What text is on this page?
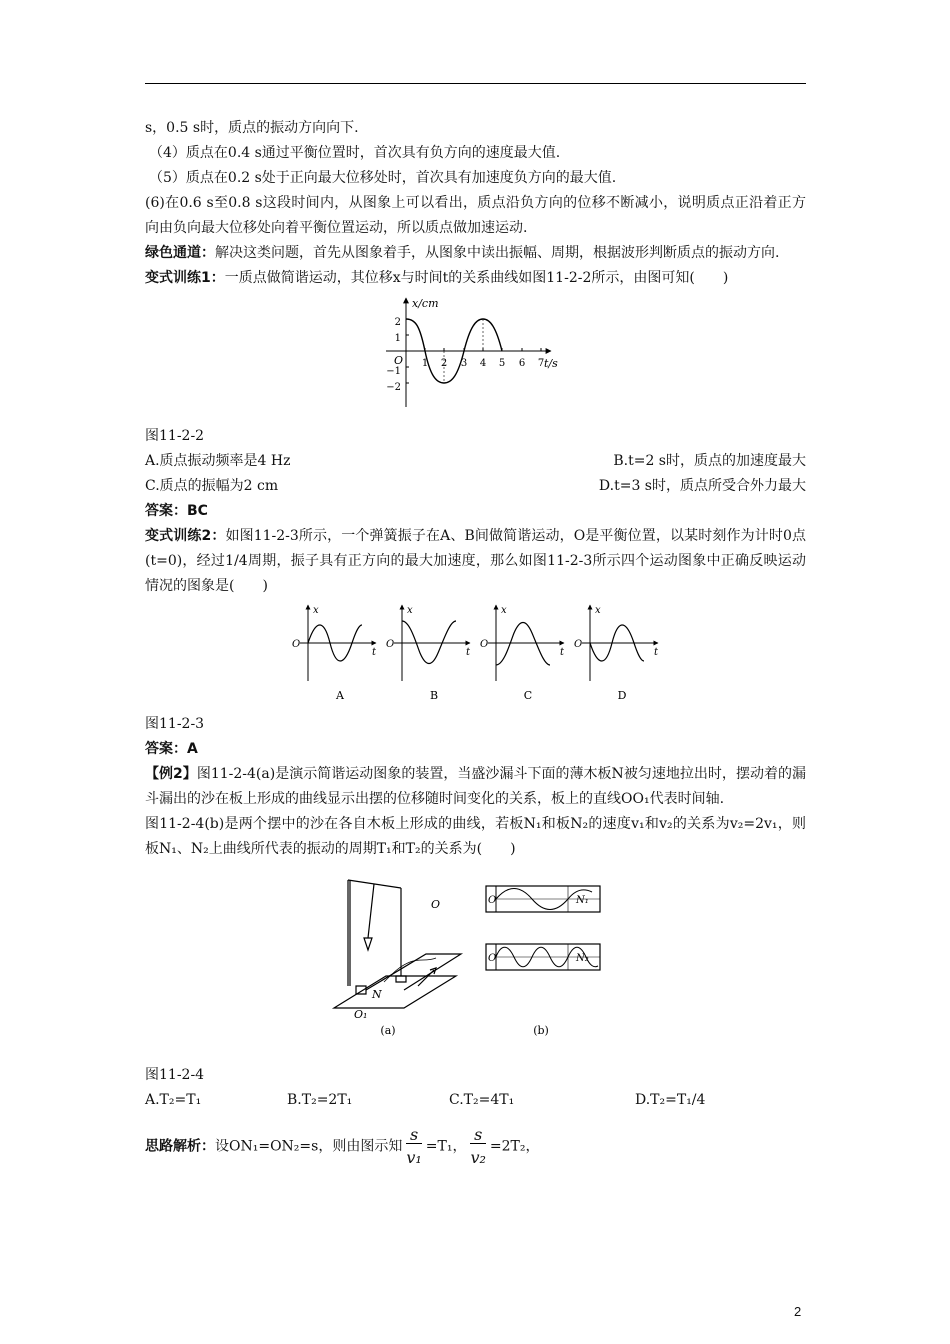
s，0.5 s时，质点的振动方向向下.

（4）质点在0.4 s通过平衡位置时，首次具有负方向的速度最大值.

（5）质点在0.2 s处于正向最大位移处时，首次具有加速度负方向的最大值.

(6)在0.6 s至0.8 s这段时间内，从图象上可以看出，质点沿负方向的位移不断减小，说明质点正沿着正方向由负向最大位移处向着平衡位置运动，所以质点做加速运动.

绿色通道：解决这类问题，首先从图象着手，从图象中读出振幅、周期，根据波形判断质点的振动方向.

变式训练1：一质点做简谐运动，其位移x与时间t的关系曲线如图11-2-2所示，由图可知(　　)

x/cm
t/s
O
2
1
−1
−2
1 2 3 4 5 6 7

图11-2-2

A.质点振动频率是4 Hz	B.t=2 s时，质点的加速度最大
C.质点的振幅为2 cm	D.t=3 s时，质点所受合外力最大

答案：BC

变式训练2：如图11-2-3所示，一个弹簧振子在A、B间做简谐运动，O是平衡位置，以某时刻作为计时0点(t=0)，经过1/4周期，振子具有正方向的最大加速度，那么如图11-2-3所示四个运动图象中正确反映运动情况的图象是(　　)

x
t
O
A
x
t
O
B
x
t
O
C
x
t
O
D

图11-2-3

答案：A

【例2】图11-2-4(a)是演示简谐运动图象的装置，当盛沙漏斗下面的薄木板N被匀速地拉出时，摆动着的漏斗漏出的沙在板上形成的曲线显示出摆的位移随时间变化的关系，板上的直线OO₁代表时间轴.

图11-2-4(b)是两个摆中的沙在各自木板上形成的曲线，若板N₁和板N₂的速度v₁和v₂的关系为v₂=2v₁，则板N₁、N₂上曲线所代表的振动的周期T₁和T₂的关系为(　　)

O
O₁
N
(a)
O	N₁
O	N₂
(b)

图11-2-4

A.T₂=T₁	B.T₂=2T₁	C.T₂=4T₁	D.T₂=T₁/4

思路解析：设ON₁=ON₂=s，则由图示知 $\frac{s}{\text{v₁}} =T_1$， $\frac{s}{\text{v₂}} =2T_2$，

2
